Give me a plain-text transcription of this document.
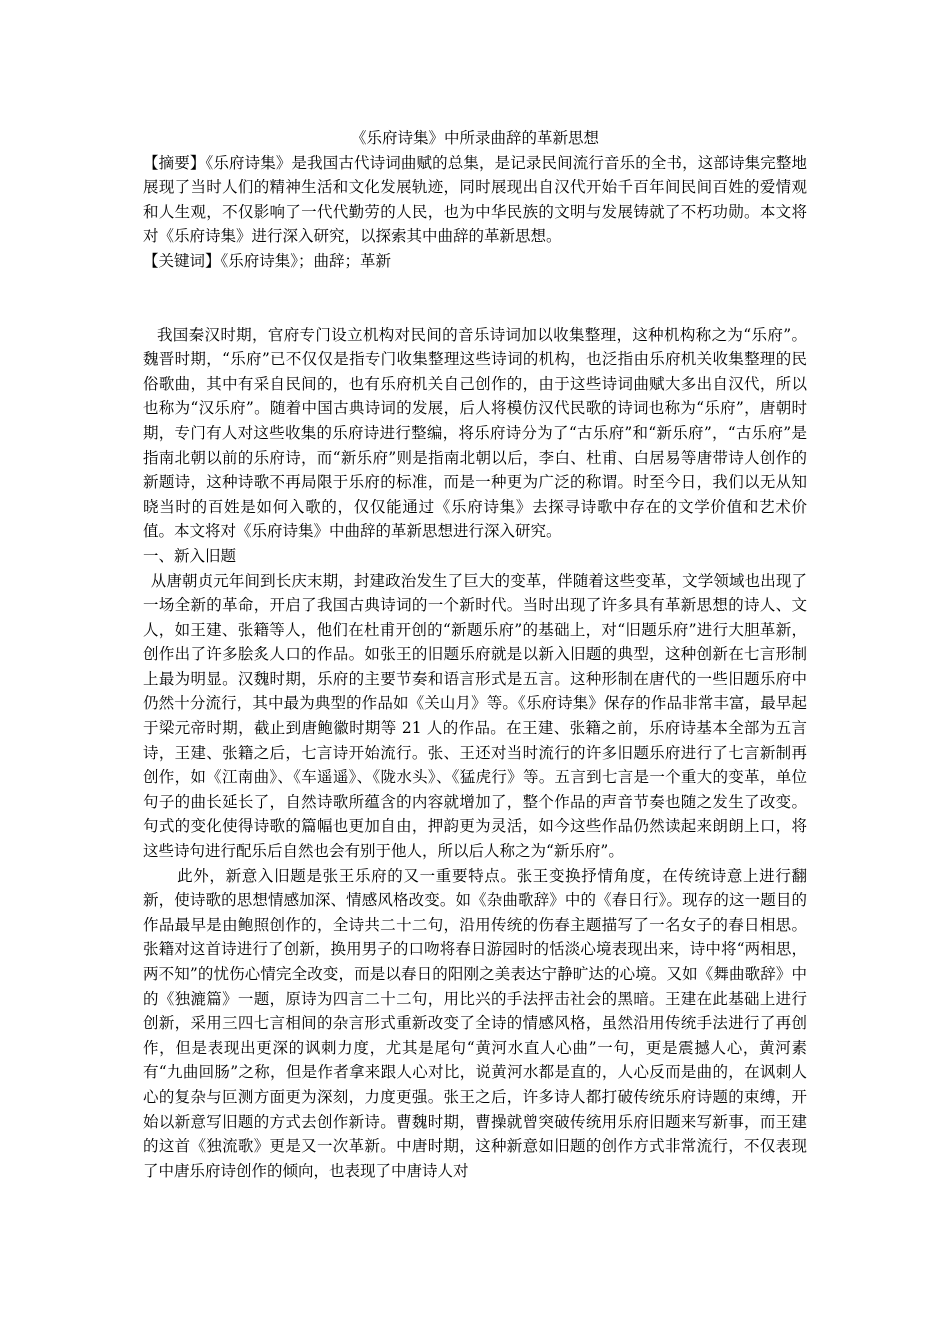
《乐府诗集》中所录曲辞的革新思想

【摘要】《乐府诗集》是我国古代诗词曲赋的总集，是记录民间流行音乐的全书，这部诗集完整地展现了当时人们的精神生活和文化发展轨迹，同时展现出自汉代开始千百年间民间百姓的爱情观和人生观，不仅影响了一代代勤劳的人民，也为中华民族的文明与发展铸就了不朽功勋。本文将对《乐府诗集》进行深入研究，以探索其中曲辞的革新思想。

【关键词】《乐府诗集》；曲辞；革新

我国秦汉时期，官府专门设立机构对民间的音乐诗词加以收集整理，这种机构称之为“乐府”。魏晋时期，“乐府”已不仅仅是指专门收集整理这些诗词的机构，也泛指由乐府机关收集整理的民俗歌曲，其中有采自民间的，也有乐府机关自己创作的，由于这些诗词曲赋大多出自汉代，所以也称为“汉乐府”。随着中国古典诗词的发展，后人将模仿汉代民歌的诗词也称为“乐府”，唐朝时期，专门有人对这些收集的乐府诗进行整编，将乐府诗分为了“古乐府”和“新乐府”，“古乐府”是指南北朝以前的乐府诗，而“新乐府”则是指南北朝以后，李白、杜甫、白居易等唐带诗人创作的新题诗，这种诗歌不再局限于乐府的标准，而是一种更为广泛的称谓。时至今日，我们以无从知晓当时的百姓是如何入歌的，仅仅能通过《乐府诗集》去探寻诗歌中存在的文学价值和艺术价值。本文将对《乐府诗集》中曲辞的革新思想进行深入研究。

一、新入旧题

从唐朝贞元年间到长庆末期，封建政治发生了巨大的变革，伴随着这些变革，文学领域也出现了一场全新的革命，开启了我国古典诗词的一个新时代。当时出现了许多具有革新思想的诗人、文人，如王建、张籍等人，他们在杜甫开创的“新题乐府”的基础上，对“旧题乐府”进行大胆革新，创作出了许多脍炙人口的作品。如张王的旧题乐府就是以新入旧题的典型，这种创新在七言形制上最为明显。汉魏时期，乐府的主要节奏和语言形式是五言。这种形制在唐代的一些旧题乐府中仍然十分流行，其中最为典型的作品如《关山月》等。《乐府诗集》保存的作品非常丰富，最早起于梁元帝时期，截止到唐鲍徽时期等 21 人的作品。在王建、张籍之前，乐府诗基本全部为五言诗，王建、张籍之后，七言诗开始流行。张、王还对当时流行的许多旧题乐府进行了七言新制再创作，如《江南曲》、《车遥遥》、《陇水头》、《猛虎行》等。五言到七言是一个重大的变革，单位句子的曲长延长了，自然诗歌所蕴含的内容就增加了，整个作品的声音节奏也随之发生了改变。句式的变化使得诗歌的篇幅也更加自由，押韵更为灵活，如今这些作品仍然读起来朗朗上口，将这些诗句进行配乐后自然也会有别于他人，所以后人称之为“新乐府”。

此外，新意入旧题是张王乐府的又一重要特点。张王变换抒情角度，在传统诗意上进行翻新，使诗歌的思想情感加深、情感风格改变。如《杂曲歌辞》中的《春日行》。现存的这一题目的作品最早是由鲍照创作的，全诗共二十二句，沿用传统的伤春主题描写了一名女子的春日相思。张籍对这首诗进行了创新，换用男子的口吻将春日游园时的恬淡心境表现出来，诗中将“两相思，两不知”的忧伤心情完全改变，而是以春日的阳刚之美表达宁静旷达的心境。又如《舞曲歌辞》中的《独漉篇》一题，原诗为四言二十二句，用比兴的手法抨击社会的黑暗。王建在此基础上进行创新，采用三四七言相间的杂言形式重新改变了全诗的情感风格，虽然沿用传统手法进行了再创作，但是表现出更深的讽刺力度，尤其是尾句“黄河水直人心曲”一句，更是震撼人心，黄河素有“九曲回肠”之称，但是作者拿来跟人心对比，说黄河水都是直的，人心反而是曲的，在讽刺人心的复杂与叵测方面更为深刻，力度更强。张王之后，许多诗人都打破传统乐府诗题的束缚，开始以新意写旧题的方式去创作新诗。曹魏时期，曹操就曾突破传统用乐府旧题来写新事，而王建的这首《独流歌》更是又一次革新。中唐时期，这种新意如旧题的创作方式非常流行，不仅表现了中唐乐府诗创作的倾向，也表现了中唐诗人对
